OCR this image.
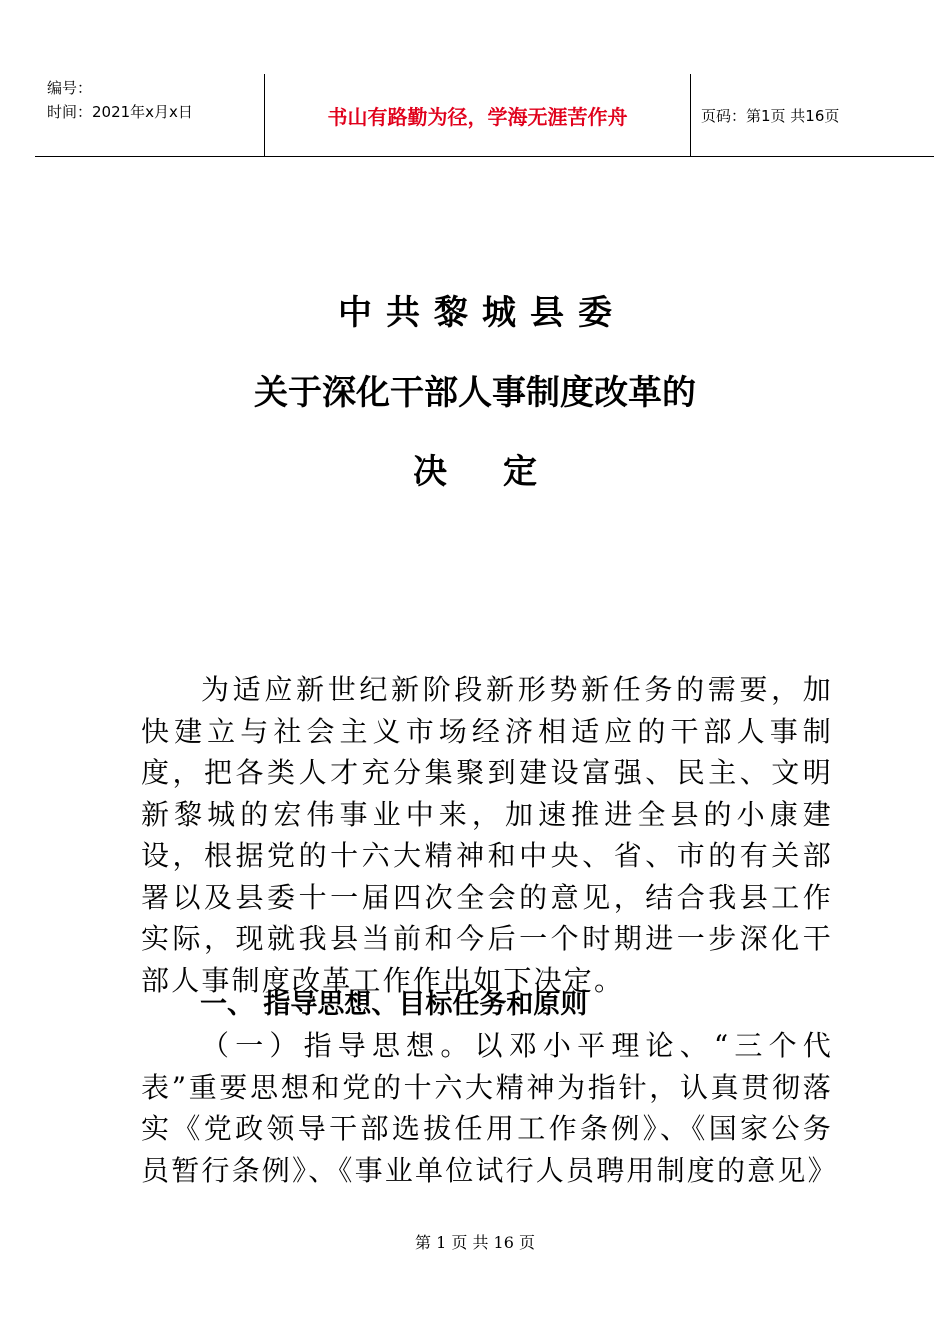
编号：
时间：2021年x月x日	书山有路勤为径，学海无涯苦作舟	页码：第1页 共16页
中共黎城县委
关于深化干部人事制度改革的
决定
为适应新世纪新阶段新形势新任务的需要，加快建立与社会主义市场经济相适应的干部人事制度，把各类人才充分集聚到建设富强、民主、文明新黎城的宏伟事业中来，加速推进全县的小康建设，根据党的十六大精神和中央、省、市的有关部署以及县委十一届四次全会的意见，结合我县工作实际，现就我县当前和今后一个时期进一步深化干部人事制度改革工作作出如下决定。
一、 指导思想、目标任务和原则
（一）指导思想。以邓小平理论、“三个代表”重要思想和党的十六大精神为指针，认真贯彻落实《党政领导干部选拔任用工作条例》、《国家公务员暂行条例》、《事业单位试行人员聘用制度的意见》
第 1 页 共 16 页
